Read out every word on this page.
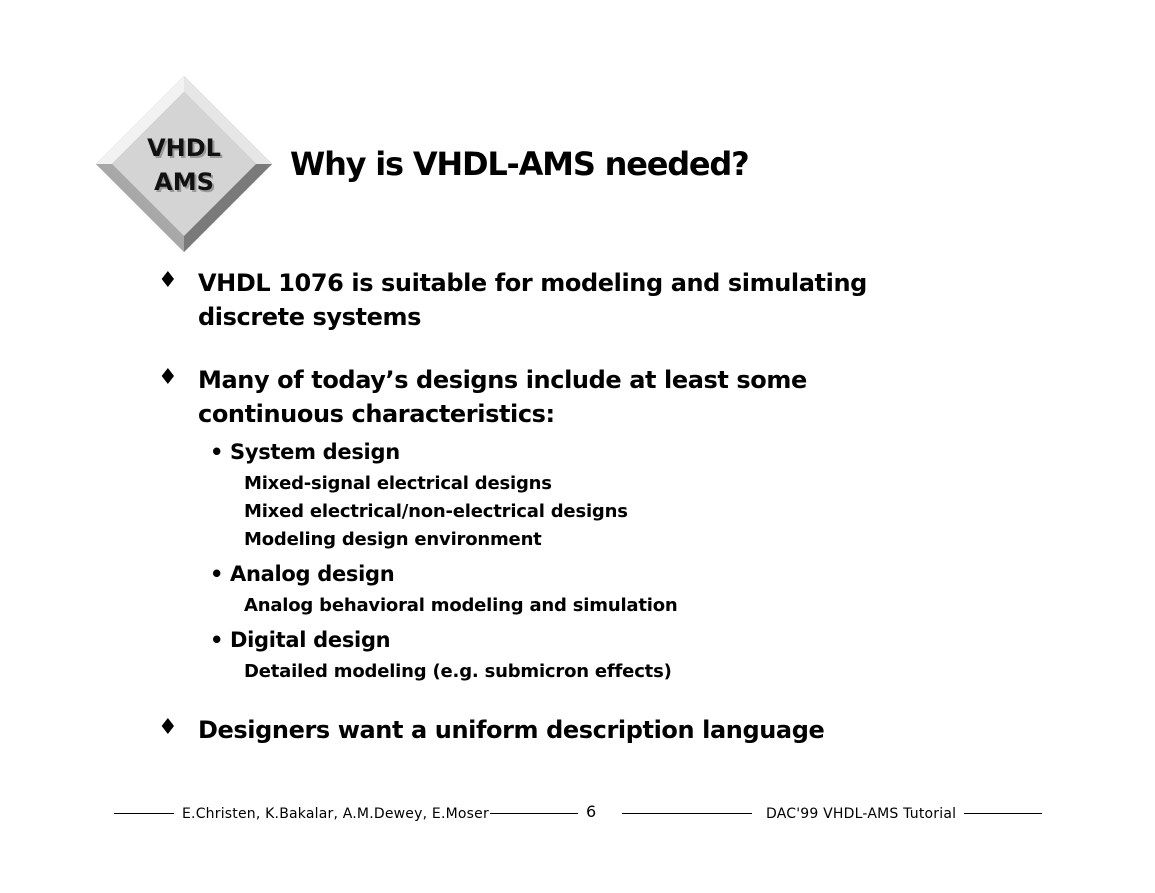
VHDL
AMS	Why is VHDL-AMS needed?
♦ VHDL 1076 is suitable for modeling and simulating
discrete systems
♦ Many of today’s designs include at least some
continuous characteristics:
• System design
Mixed-signal electrical designs
Mixed electrical/non-electrical designs
Modeling design environment
• Analog design
Analog behavioral modeling and simulation
• Digital design
Detailed modeling (e.g. submicron effects)
♦ Designers want a uniform description language
E.Christen, K.Bakalar, A.M.Dewey, E.Moser	6	DAC'99 VHDL-AMS Tutorial
